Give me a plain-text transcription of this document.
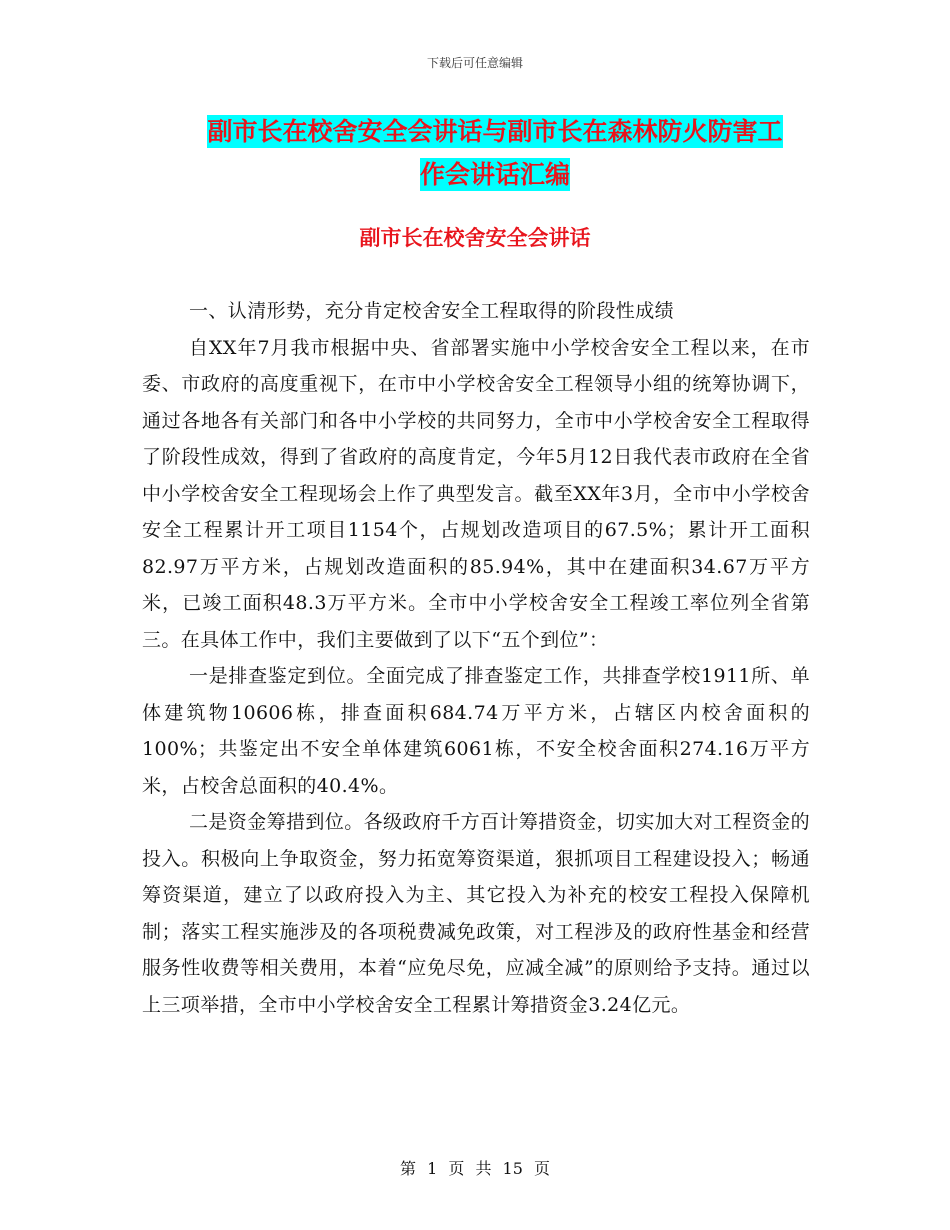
下载后可任意编辑
副市长在校舍安全会讲话与副市长在森林防火防害工
作会讲话汇编
副市长在校舍安全会讲话

一、认清形势，充分肯定校舍安全工程取得的阶段性成绩

自XX年7月我市根据中央、省部署实施中小学校舍安全工程以来，在市委、市政府的高度重视下，在市中小学校舍安全工程领导小组的统筹协调下，通过各地各有关部门和各中小学校的共同努力，全市中小学校舍安全工程取得了阶段性成效，得到了省政府的高度肯定，今年5月12日我代表市政府在全省中小学校舍安全工程现场会上作了典型发言。截至XX年3月，全市中小学校舍安全工程累计开工项目1154个，占规划改造项目的67.5%；累计开工面积82.97万平方米，占规划改造面积的85.94%，其中在建面积34.67万平方米，已竣工面积48.3万平方米。全市中小学校舍安全工程竣工率位列全省第三。在具体工作中，我们主要做到了以下“五个到位”：

一是排查鉴定到位。全面完成了排查鉴定工作，共排查学校1911所、单体建筑物10606栋，排查面积684.74万平方米，占辖区内校舍面积的100%；共鉴定出不安全单体建筑6061栋，不安全校舍面积274.16万平方米，占校舍总面积的40.4%。

二是资金筹措到位。各级政府千方百计筹措资金，切实加大对工程资金的投入。积极向上争取资金，努力拓宽筹资渠道，狠抓项目工程建设投入；畅通筹资渠道，建立了以政府投入为主、其它投入为补充的校安工程投入保障机制；落实工程实施涉及的各项税费减免政策，对工程涉及的政府性基金和经营服务性收费等相关费用，本着“应免尽免，应减全减”的原则给予支持。通过以上三项举措，全市中小学校舍安全工程累计筹措资金3.24亿元。

第 1 页 共 15 页
